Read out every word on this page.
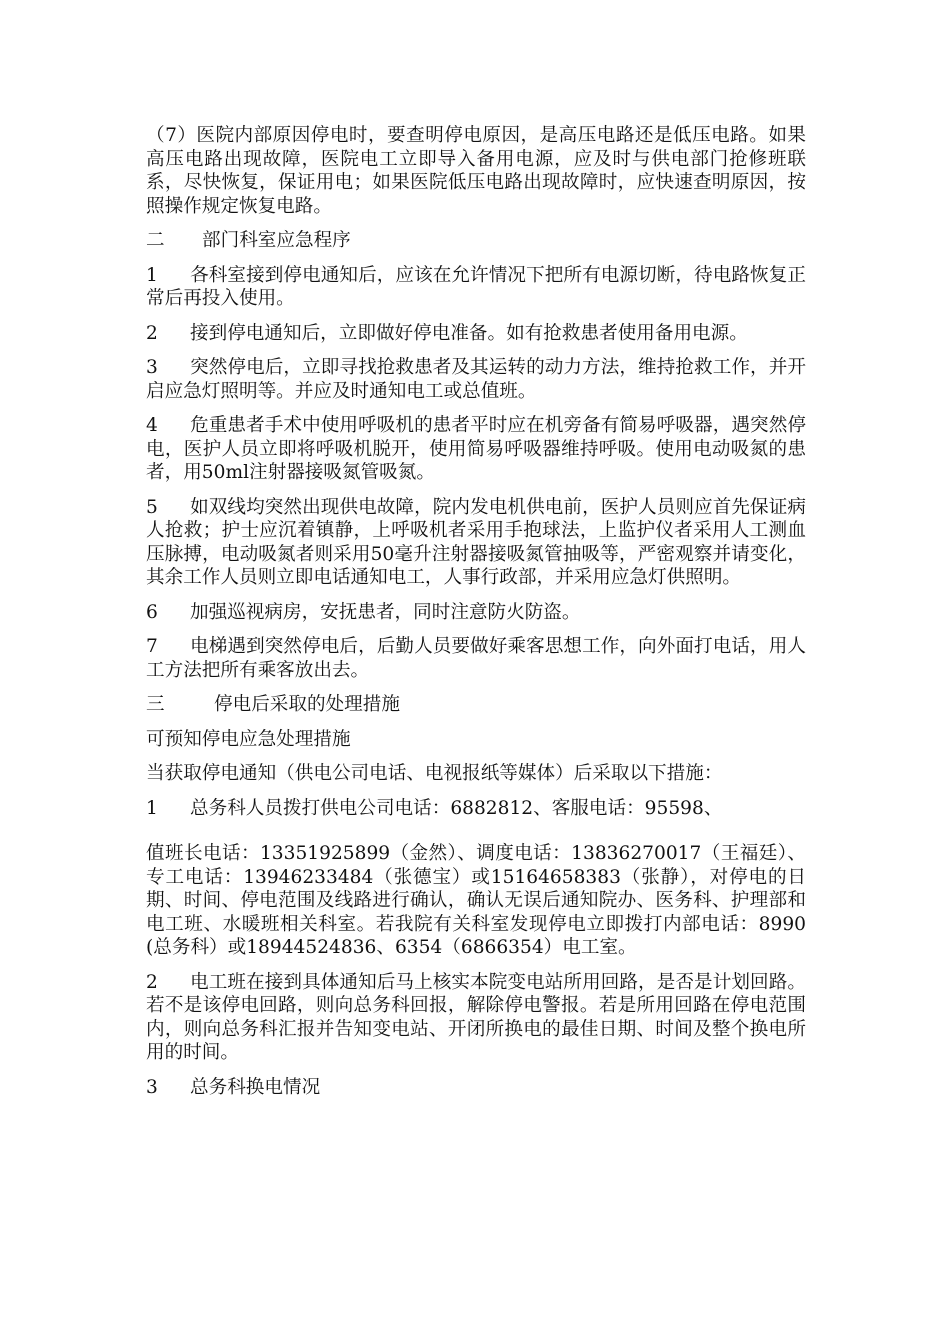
（7）医院内部原因停电时，要查明停电原因，是高压电路还是低压电路。如果高压电路出现故障，医院电工立即导入备用电源，应及时与供电部门抢修班联系，尽快恢复，保证用电；如果医院低压电路出现故障时，应快速查明原因，按照操作规定恢复电路。

二 部门科室应急程序

1 各科室接到停电通知后，应该在允许情况下把所有电源切断，待电路恢复正常后再投入使用。

2 接到停电通知后，立即做好停电准备。如有抢救患者使用备用电源。

3 突然停电后，立即寻找抢救患者及其运转的动力方法，维持抢救工作，并开启应急灯照明等。并应及时通知电工或总值班。

4 危重患者手术中使用呼吸机的患者平时应在机旁备有简易呼吸器，遇突然停电，医护人员立即将呼吸机脱开，使用简易呼吸器维持呼吸。使用电动吸氮的患者，用50ml注射器接吸氮管吸氮。

5 如双线均突然出现供电故障，院内发电机供电前，医护人员则应首先保证病人抢救；护士应沉着镇静，上呼吸机者采用手抱球法，上监护仪者采用人工测血压脉搏，电动吸氮者则采用50毫升注射器接吸氮管抽吸等，严密观察并请变化，其余工作人员则立即电话通知电工，人事行政部，并采用应急灯供照明。

6 加强巡视病房，安抚患者，同时注意防火防盗。

7 电梯遇到突然停电后，后勤人员要做好乘客思想工作，向外面打电话，用人工方法把所有乘客放出去。

三	停电后采取的处理措施

可预知停电应急处理措施

当获取停电通知（供电公司电话、电视报纸等媒体）后采取以下措施：

1 总务科人员拨打供电公司电话：6882812、客服电话：95598、

值班长电话：13351925899（金然）、调度电话：13836270017（王福廷）、专工电话：13946233484（张德宝）或15164658383（张静），对停电的日期、时间、停电范围及线路进行确认，确认无误后通知院办、医务科、护理部和电工班、水暖班相关科室。若我院有关科室发现停电立即拨打内部电话：8990(总务科）或18944524836、6354（6866354）电工室。

2 电工班在接到具体通知后马上核实本院变电站所用回路，是否是计划回路。若不是该停电回路，则向总务科回报，解除停电警报。若是所用回路在停电范围内，则向总务科汇报并告知变电站、开闭所换电的最佳日期、时间及整个换电所用的时间。

3 总务科换电情况
